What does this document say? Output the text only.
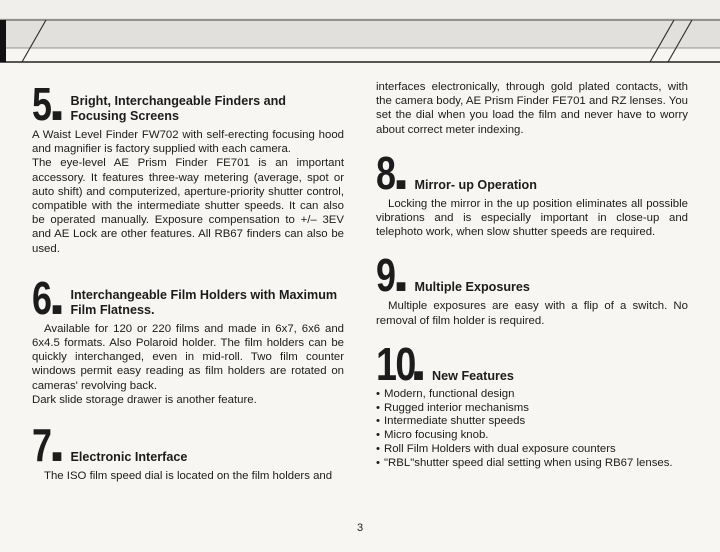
5 ■
Bright, Interchangeable Finders and Focusing Screens

A Waist Level Finder FW702 with self-erecting focusing hood and magnifier is factory supplied with each camera.

The eye-level AE Prism Finder FE701 is an important accessory. It features three-way metering (average, spot or auto shift) and computerized, aperture-priority shutter control, compatible with the intermediate shutter speeds. It can also be operated manually. Exposure compensation to +/– 3EV and AE Lock are other features. All RB67 finders can also be used.

6 ■
Interchangeable Film Holders with Maximum Film Flatness.

Available for 120 or 220 films and made in 6x7, 6x6 and 6x4.5 formats. Also Polaroid holder. The film holders can be quickly interchanged, even in mid-roll. Two film counter windows permit easy reading as film holders are rotated on cameras' revolving back.

Dark slide storage drawer is another feature.

7 ■ Electronic Interface

The ISO film speed dial is located on the film holders and

interfaces electronically, through gold plated contacts, with the camera body, AE Prism Finder FE701 and RZ lenses. You set the dial when you load the film and never have to worry about correct meter indexing.

8 ■ Mirror- up Operation

Locking the mirror in the up position eliminates all possible vibrations and is especially important in close-up and telephoto work, when slow shutter speeds are required.

9 ■ Multiple Exposures

Multiple exposures are easy with a flip of a switch. No removal of film holder is required.

10
■ New Features
• Modern, functional design
• Rugged interior mechanisms
• Intermediate shutter speeds
• Micro focusing knob.
• Roll Film Holders with dual exposure counters
• "RBL"shutter speed dial setting when using RB67 lenses.
3
